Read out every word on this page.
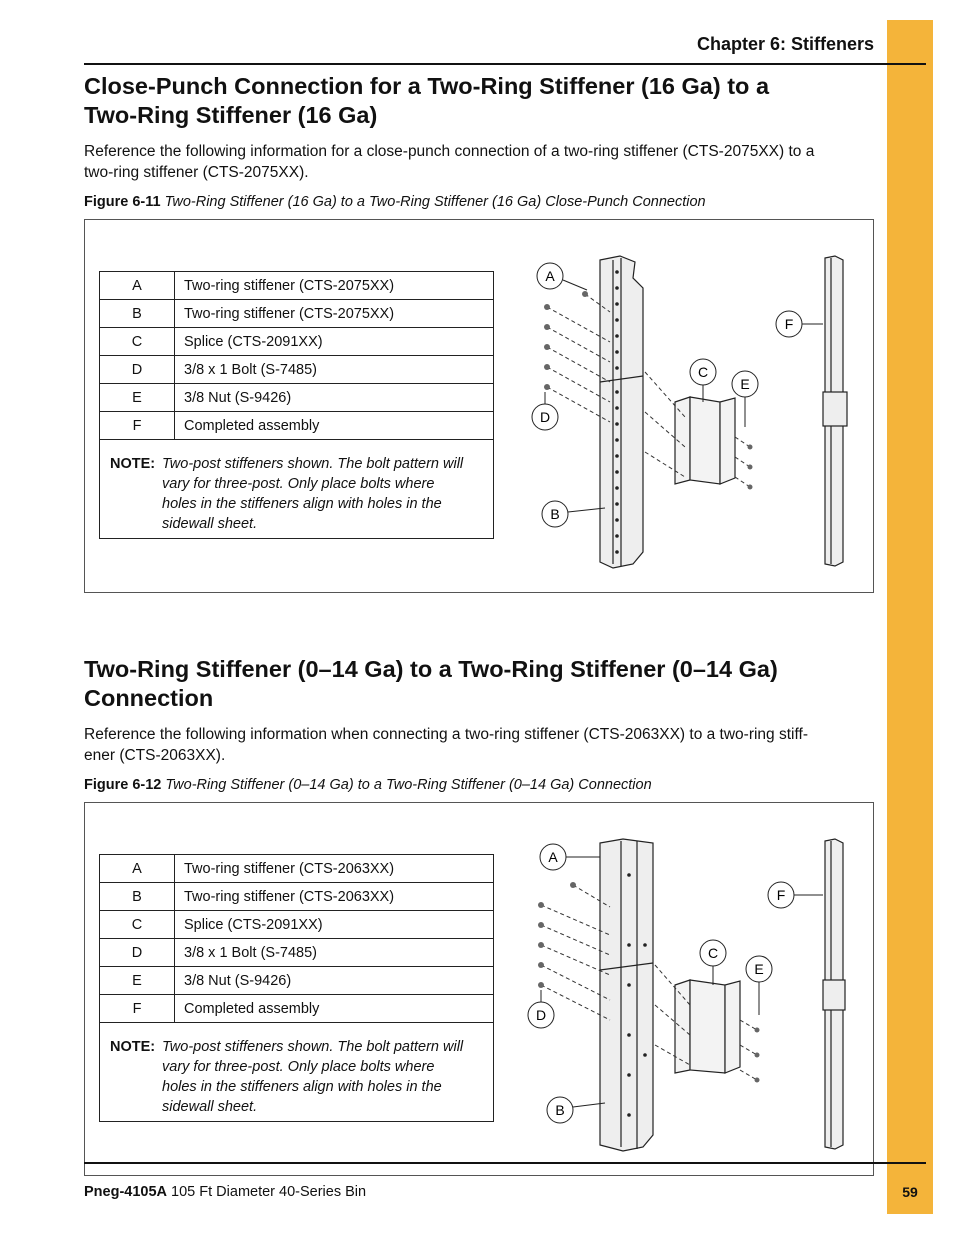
Chapter 6: Stiffeners
Close-Punch Connection for a Two-Ring Stiffener (16 Ga) to a
Two-Ring Stiffener (16 Ga)
Reference the following information for a close-punch connection of a two-ring stiffener (CTS-2075XX) to a
two-ring stiffener (CTS-2075XX).
Figure 6-11 Two-Ring Stiffener (16 Ga) to a Two-Ring Stiffener (16 Ga) Close-Punch Connection
A	Two-ring stiffener (CTS-2075XX)
B	Two-ring stiffener (CTS-2075XX)
C	Splice (CTS-2091XX)
D	3/8 x 1 Bolt (S-7485)
E	3/8 Nut (S-9426)
F	Completed assembly
NOTE: Two-post stiffeners shown. The bolt pattern will
vary for three-post. Only place bolts where
holes in the stiffeners align with holes in the
sidewall sheet.
A
B
C
D
E
F
Two-Ring Stiffener (0–14 Ga) to a Two-Ring Stiffener (0–14 Ga)
Connection
Reference the following information when connecting a two-ring stiffener (CTS-2063XX) to a two-ring stiff-
ener (CTS-2063XX).
Figure 6-12 Two-Ring Stiffener (0–14 Ga) to a Two-Ring Stiffener (0–14 Ga) Connection
A	Two-ring stiffener (CTS-2063XX)
B	Two-ring stiffener (CTS-2063XX)
C	Splice (CTS-2091XX)
D	3/8 x 1 Bolt (S-7485)
E	3/8 Nut (S-9426)
F	Completed assembly
NOTE: Two-post stiffeners shown. The bolt pattern will
vary for three-post. Only place bolts where
holes in the stiffeners align with holes in the
sidewall sheet.
A
B
C
D
E
F
Pneg-4105A 105 Ft Diameter 40-Series Bin	59
